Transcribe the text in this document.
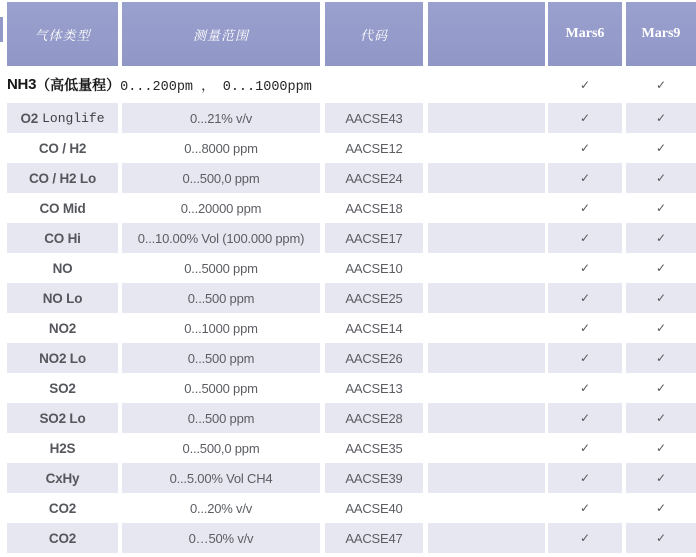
气体类型	测量范围	代码	Mars6	Mars9
NH3 （高低量程） 0...200pm ， 0...1000ppm	✓	✓
O2 Longlife	0...21% v/v	AACSE43	✓	✓
CO / H2	0...8000 ppm	AACSE12	✓	✓
CO / H2 Lo	0...500,0 ppm	AACSE24	✓	✓
CO Mid	0...20000 ppm	AACSE18	✓	✓
CO Hi	0...10.00% Vol (100.000 ppm)	AACSE17	✓	✓
NO	0...5000 ppm	AACSE10	✓	✓
NO Lo	0...500 ppm	AACSE25	✓	✓
NO2	0...1000 ppm	AACSE14	✓	✓
NO2 Lo	0...500 ppm	AACSE26	✓	✓
SO2	0...5000 ppm	AACSE13	✓	✓
SO2 Lo	0...500 ppm	AACSE28	✓	✓
H2S	0...500,0 ppm	AACSE35	✓	✓
CxHy	0...5.00% Vol CH4	AACSE39	✓	✓
CO2	0...20% v/v	AACSE40	✓	✓
CO2	0…50% v/v	AACSE47	✓	✓
